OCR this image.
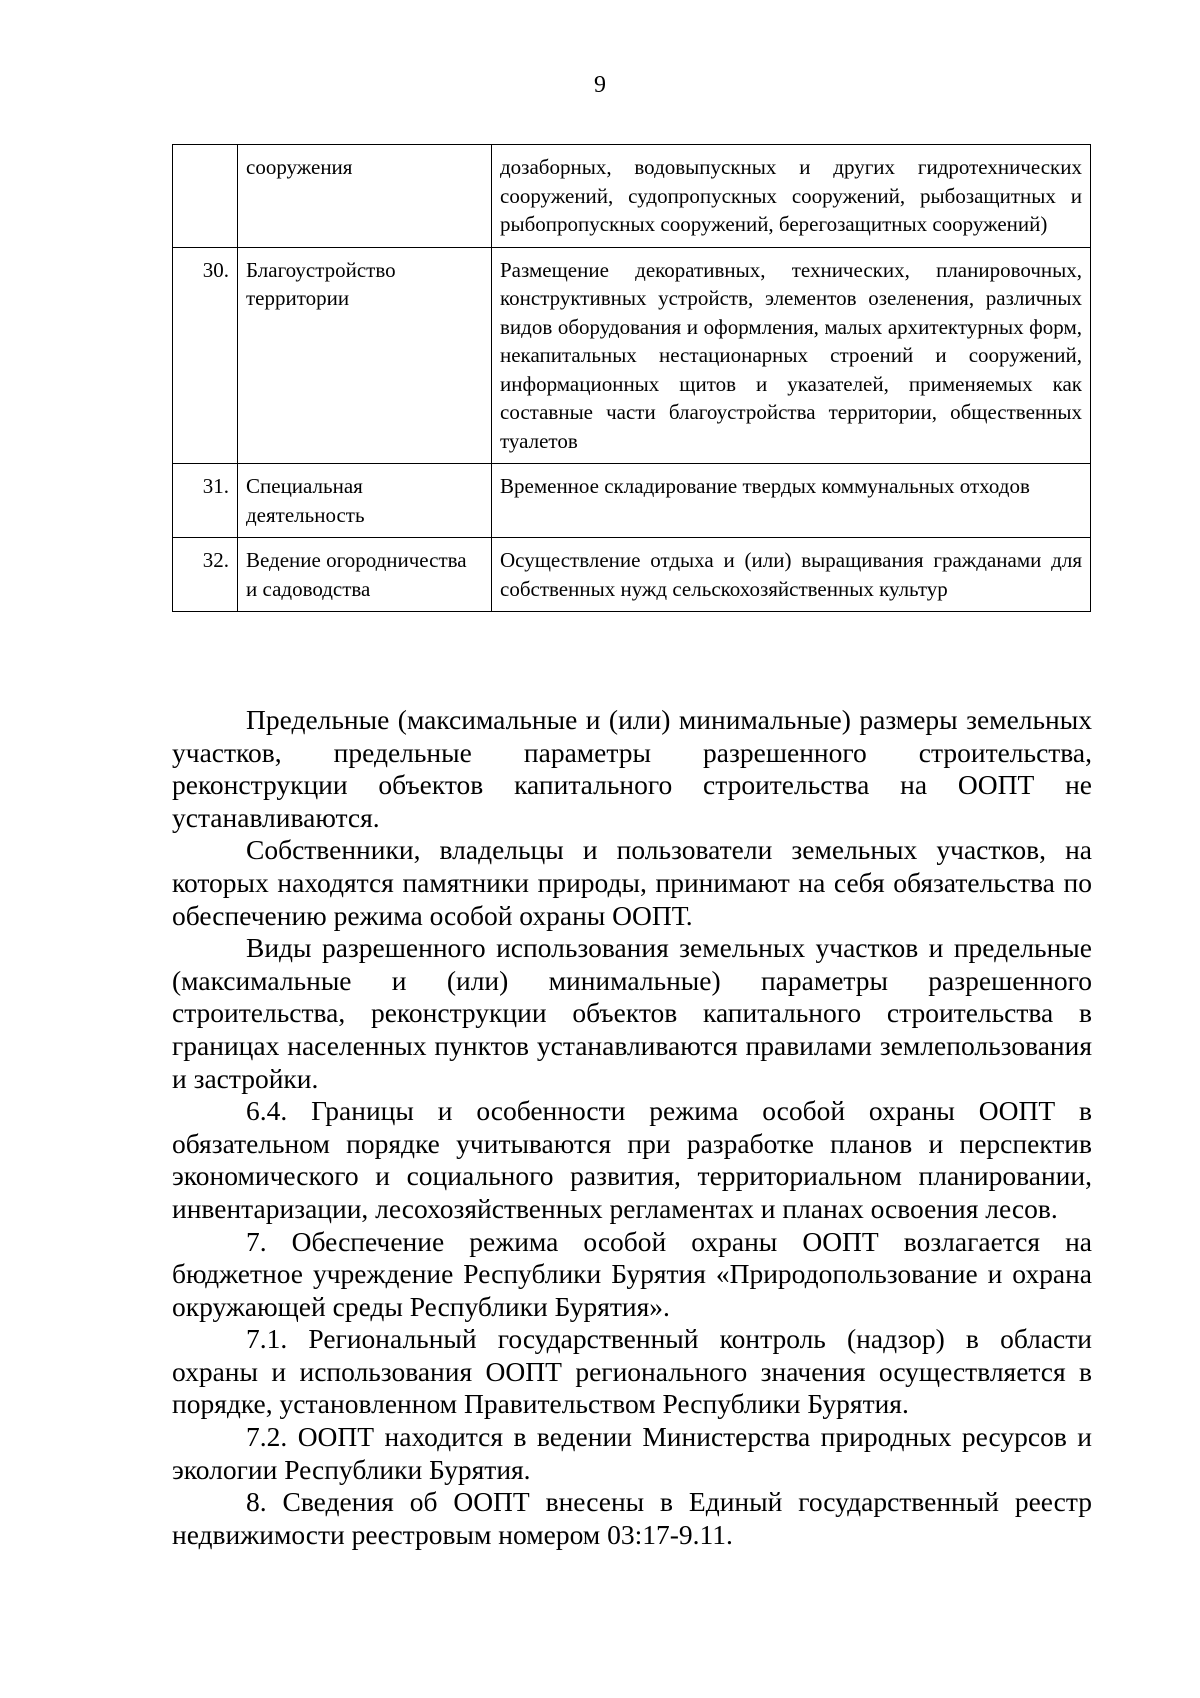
9
	сооружения	дозаборных, водовыпускных и других гидротехнических сооружений, судопропускных сооружений, рыбозащитных и рыбопропускных сооружений, берегозащитных сооружений)
30.	Благоустройство территории	Размещение декоративных, технических, планировочных, конструктивных устройств, элементов озеленения, различных видов оборудования и оформления, малых архитектурных форм, некапитальных нестационарных строений и сооружений, информационных щитов и указателей, применяемых как составные части благоустройства территории, общественных туалетов
31.	Специальная деятельность	Временное складирование твердых коммунальных отходов
32.	Ведение огородничества и садоводства	Осуществление отдыха и (или) выращивания гражданами для собственных нужд сельскохозяйственных культур

Предельные (максимальные и (или) минимальные) размеры земельных участков, предельные параметры разрешенного строительства, реконструкции объектов капитального строительства на ООПТ не устанавливаются.

Собственники, владельцы и пользователи земельных участков, на которых находятся памятники природы, принимают на себя обязательства по обеспечению режима особой охраны ООПТ.

Виды разрешенного использования земельных участков и предельные (максимальные и (или) минимальные) параметры разрешенного строительства, реконструкции объектов капитального строительства в границах населенных пунктов устанавливаются правилами землепользования и застройки.

6.4. Границы и особенности режима особой охраны ООПТ в обязательном порядке учитываются при разработке планов и перспектив экономического и социального развития, территориальном планировании, инвентаризации, лесохозяйственных регламентах и планах освоения лесов.

7. Обеспечение режима особой охраны ООПТ возлагается на бюджетное учреждение Республики Бурятия «Природопользование и охрана окружающей среды Республики Бурятия».

7.1. Региональный государственный контроль (надзор) в области охраны и использования ООПТ регионального значения осуществляется в порядке, установленном Правительством Республики Бурятия.

7.2. ООПТ находится в ведении Министерства природных ресурсов и экологии Республики Бурятия.

8. Сведения об ООПТ внесены в Единый государственный реестр недвижимости реестровым номером 03:17-9.11.
